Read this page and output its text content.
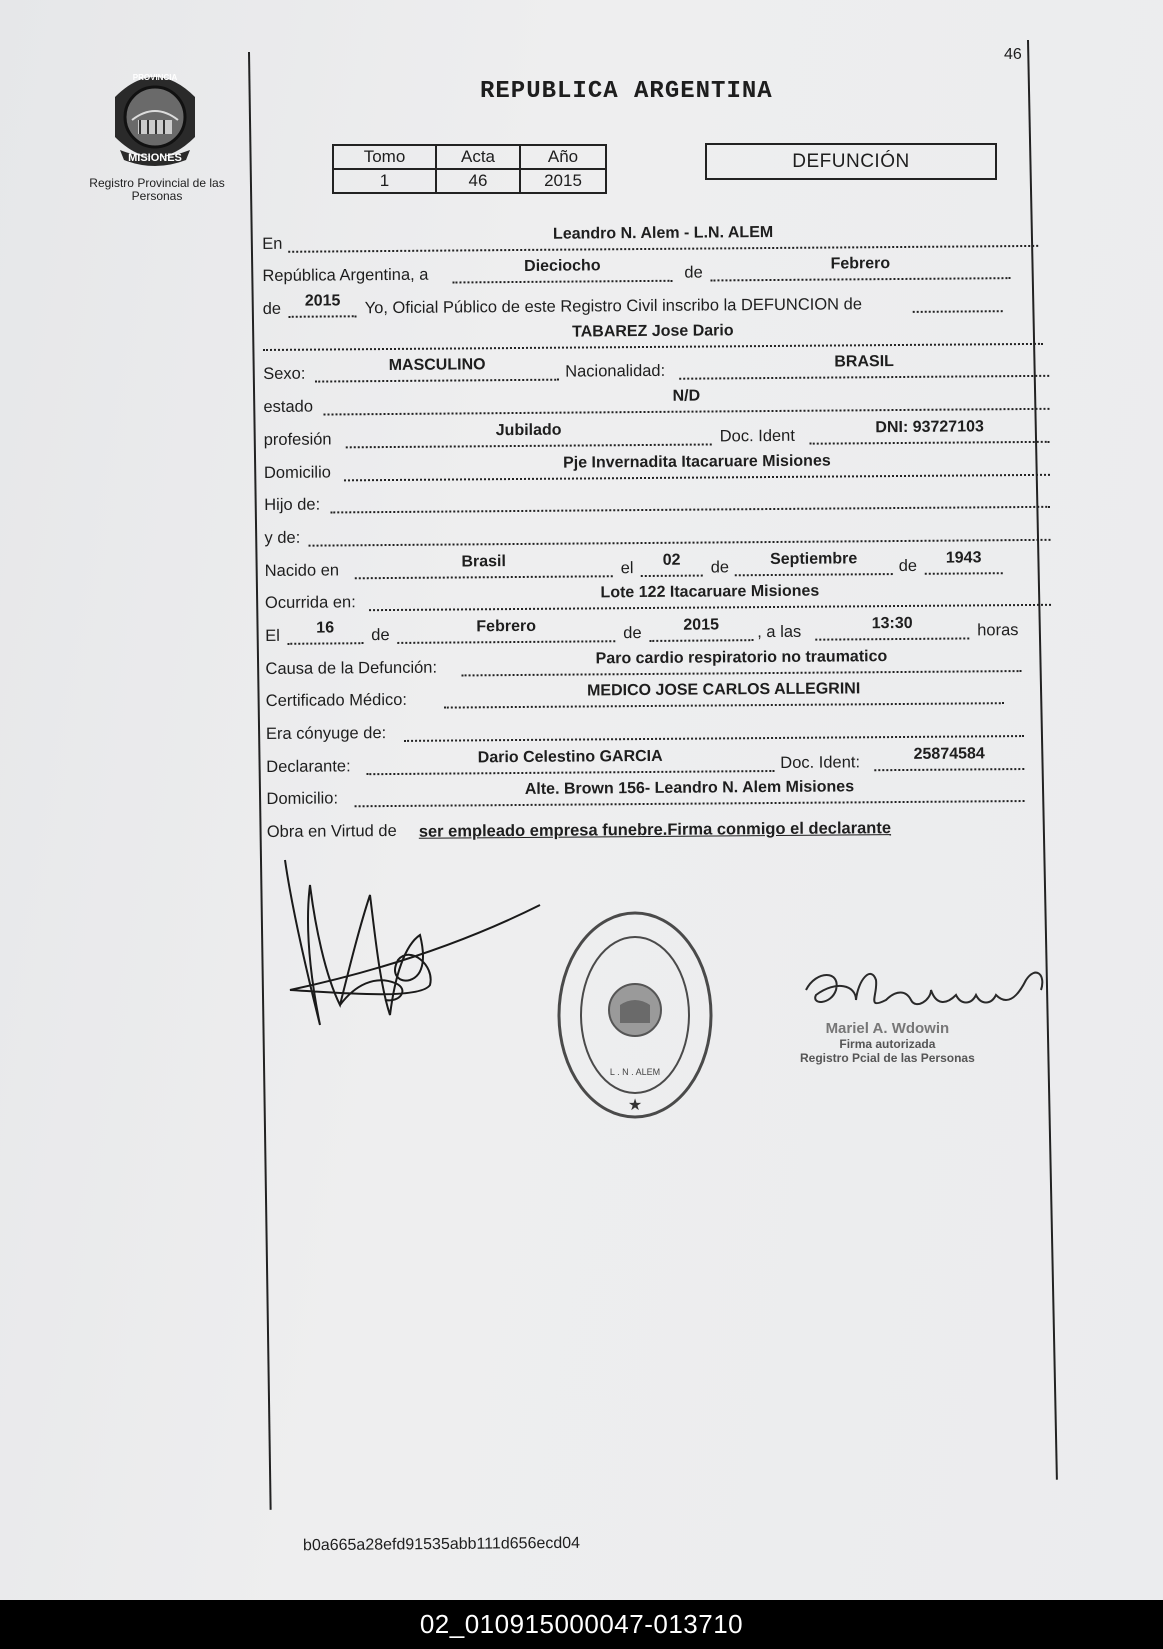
46
MISIONES
PROVINCIA
Registro Provincial de las Personas
REPUBLICA ARGENTINA
Tomo	Acta	Año
1	46	2015
DEFUNCIÓN
En
Leandro N. Alem - L.N. ALEM
República Argentina, a	Dieciocho	de	Febrero
de	2015	Yo, Oficial Público de este Registro Civil inscribo la DEFUNCION de
TABAREZ Jose Dario
Sexo:	MASCULINO	Nacionalidad:
BRASIL
estado
N/D
profesión
Jubilado	Doc. Ident	DNI: 93727103
Domicilio
Pje Invernadita Itacaruare Misiones
Hijo de:
y de:
Nacido en	Brasil	el	02	de	Septiembre	de	1943
Ocurrida en:
Lote 122 Itacaruare Misiones
El	16	de	Febrero	de	2015	, a las	13:30	horas
Causa de la Defunción:
Paro cardio respiratorio no traumatico
Certificado Médico:
MEDICO JOSE CARLOS ALLEGRINI
Era cónyuge de:
Declarante:
Dario Celestino GARCIA	Doc. Ident:	25874584
Domicilio:
Alte. Brown 156- Leandro N. Alem Misiones
Obra en Virtud de ser empleado empresa funebre.Firma conmigo el declarante
L . N . ALEM
★
Mariel A. Wdowin
Firma autorizada
Registro Pcial de las Personas
b0a665a28efd91535abb111d656ecd04
02_010915000047-013710
